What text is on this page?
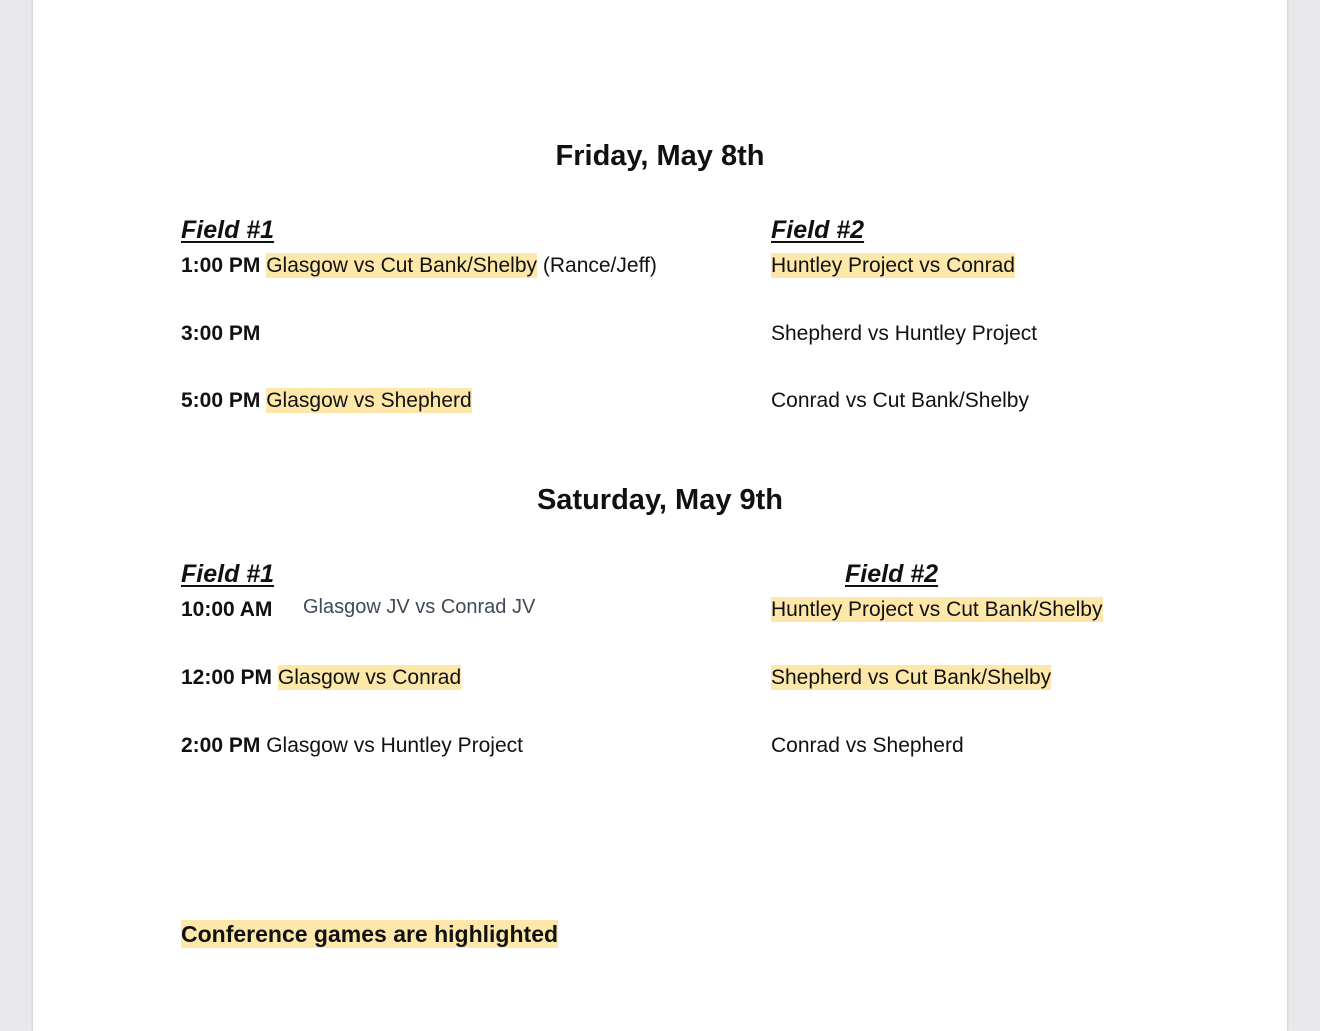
Friday, May 8th
Field #1	Field #2
1:00 PM Glasgow vs Cut Bank/Shelby (Rance/Jeff)	Huntley Project vs Conrad
3:00 PM	Shepherd vs Huntley Project
5:00 PM Glasgow vs Shepherd	Conrad vs Cut Bank/Shelby
Saturday, May 9th
Field #1	Field #2
10:00 AM Glasgow JV vs Conrad JV	Huntley Project vs Cut Bank/Shelby
12:00 PM Glasgow vs Conrad	Shepherd vs Cut Bank/Shelby
2:00 PM Glasgow vs Huntley Project	Conrad vs Shepherd
Conference games are highlighted
